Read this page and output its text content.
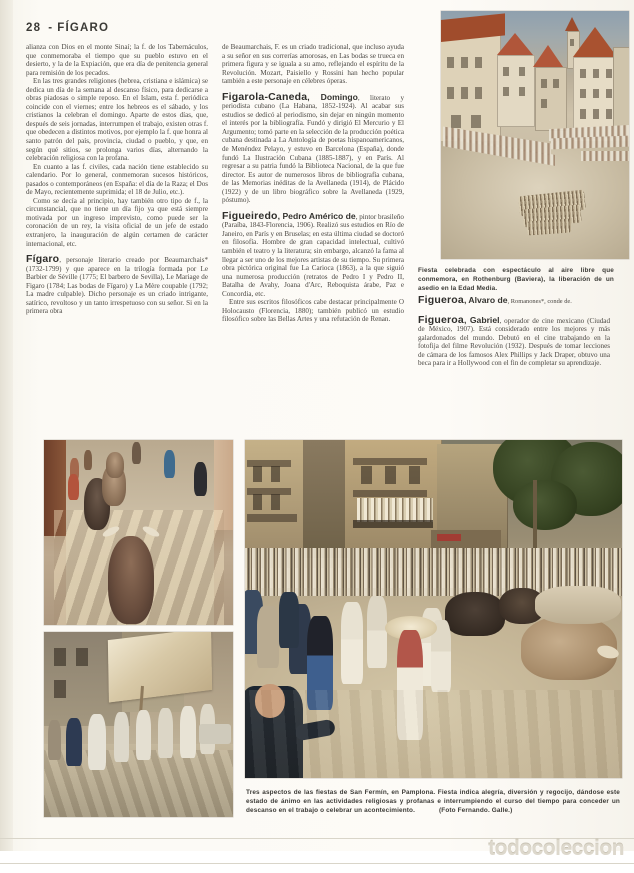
28 - FÍGARO

alianza con Dios en el monte Sinaí; la f. de los Tabernáculos, que conmemoraba el tiempo que su pueblo estuvo en el desierto, y la de la Expiación, que era día de penitencia general para remisión de los pecados.

En las tres grandes religiones (hebrea, cristiana e islámica) se dedica un día de la semana al descanso físico, para dedicarse a obras piadosas o simple reposo. En el Islam, esta f. periódica coincide con el viernes; entre los hebreos es el sábado, y los cristianos la celebran el domingo. Aparte de estos días, que, después de seis jornadas, interrumpen el trabajo, existen otras f. que obedecen a distintos motivos, por ejemplo la f. que honra al santo patrón del país, provincia, ciudad o pueblo, y que, en según qué sitios, se prolonga varios días, alternando la celebración religiosa con la profana.

En cuanto a las f. civiles, cada nación tiene establecido su calendario. Por lo general, conmemoran sucesos históricos, pasados o contemporáneos (en España: el día de la Raza; el Dos de Mayo, recientemente suprimida; el 18 de Julio, etc.).

Como se decía al principio, hay también otro tipo de f., la circunstancial, que no tiene un día fijo ya que está siempre motivada por un ingreso imprevisto, como puede ser la coronación de un rey, la visita oficial de un jefe de estado extranjero, la inauguración de algún certamen de carácter internacional, etc.

Fígaro, personaje literario creado por Beaumarchais* (1732-1799) y que aparece en la trilogía formada por Le Barbier de Séville (1775; El barbero de Sevilla), Le Mariage de Figaro (1784; Las bodas de Fígaro) y La Mère coupable (1792; La madre culpable). Dicho personaje es un criado intrigante, satírico, revoltoso y un tanto irrespetuoso con su señor. Si en la primera obra

de Beaumarchais, F. es un criado tradicional, que incluso ayuda a su señor en sus correrías amorosas, en Las bodas se trueca en primera figura y se iguala a su amo, reflejando el espíritu de la Revolución. Mozart, Paisiello y Rossini han hecho popular también a este personaje en célebres óperas.

Figarola-Caneda, Domingo, literato y periodista cubano (La Habana, 1852-1924). Al acabar sus estudios se dedicó al periodismo, sin dejar en ningún momento el interés por la bibliografía. Fundó y dirigió El Mercurio y El Argumento; tomó parte en la selección de la producción poética cubana destinada a La Antología de poetas hispanoamericanos, de Menéndez Pelayo, y estuvo en Barcelona (España), donde fundó La Ilustración Cubana (1885-1887), y en París. Al regresar a su patria fundó la Biblioteca Nacional, de la que fue director. Es autor de numerosos libros de bibliografía cubana, de las Memorias inéditas de la Avellaneda (1914), de Plácido (1922) y de un libro biográfico sobre la Avellaneda (1929, póstumo).
Figueiredo, Pedro Américo de, pintor brasileño (Paraíba, 1843-Florencia, 1906). Realizó sus estudios en Río de Janeiro, en París y en Bruselas; en esta última ciudad se doctoró en filosofía. Hombre de gran capacidad intelectual, cultivó también el teatro y la literatura; sin embargo, alcanzó la fama al llegar a ser uno de los mejores artistas de su tiempo. Su primera obra pictórica original fue La Carioca (1863), a la que siguió una numerosa producción (retratos de Pedro I y Pedro II, Batalha de Avahy, Joana d'Arc, Reboquista árabe, Paz e Concordia, etc.

Entre sus escritos filosóficos cabe destacar principalmente O Holocausto (Florencia, 1880); también publicó un estudio filosófico sobre las Bellas Artes y una refutación de Renan.

Figueroa, Alvaro de, Romanones*, conde de.
Figueroa, Gabriel, operador de cine mexicano (Ciudad de México, 1907). Está considerado entre los mejores y más galardonados del mundo. Debutó en el cine trabajando en la fotofija del filme Revolución (1932). Después de tomar lecciones de cámara de los famosos Alex Phillips y Jack Draper, obtuvo una beca para ir a Hollywood con el fin de completar su aprendizaje.
Fiesta celebrada con espectáculo al aire libre que conmemora, en Rothenburg (Baviera), la liberación de un asedio en la Edad Media.
Tres aspectos de las fiestas de San Fermín, en Pamplona. Fiesta indica alegría, diversión y regocijo, dándose este estado de ánimo en las actividades religiosas y profanas e interrumpiendo el curso del tiempo para conceder un descanso en el trabajo o celebrar un acontecimiento.	(Foto Fernando. Galle.)
todocoleccion
